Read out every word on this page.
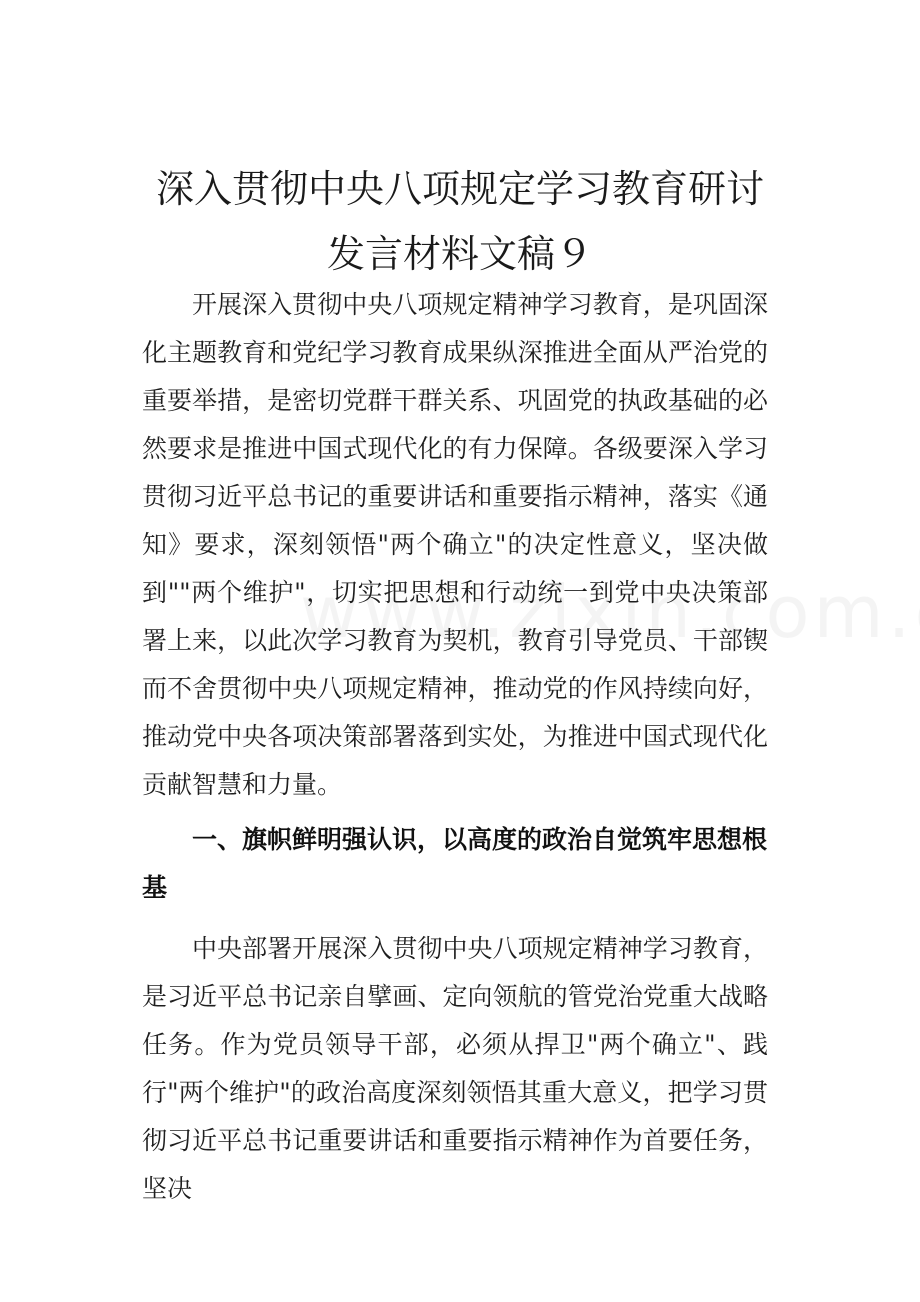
深入贯彻中央八项规定学习教育研讨发言材料文稿９

开展深入贯彻中央八项规定精神学习教育，是巩固深化主题教育和党纪学习教育成果纵深推进全面从严治党的重要举措，是密切党群干群关系、巩固党的执政基础的必然要求是推进中国式现代化的有力保障。各级要深入学习贯彻习近平总书记的重要讲话和重要指示精神，落实《通知》要求，深刻领悟"两个确立"的决定性意义，坚决做到""两个维护"，切实把思想和行动统一到党中央决策部署上来，以此次学习教育为契机，教育引导党员、干部锲而不舍贯彻中央八项规定精神，推动党的作风持续向好，推动党中央各项决策部署落到实处，为推进中国式现代化贡献智慧和力量。

一、旗帜鲜明强认识，以高度的政治自觉筑牢思想根基

中央部署开展深入贯彻中央八项规定精神学习教育，是习近平总书记亲自擘画、定向领航的管党治党重大战略任务。作为党员领导干部，必须从捍卫"两个确立"、践行"两个维护"的政治高度深刻领悟其重大意义，把学习贯彻习近平总书记重要讲话和重要指示精神作为首要任务，坚决
